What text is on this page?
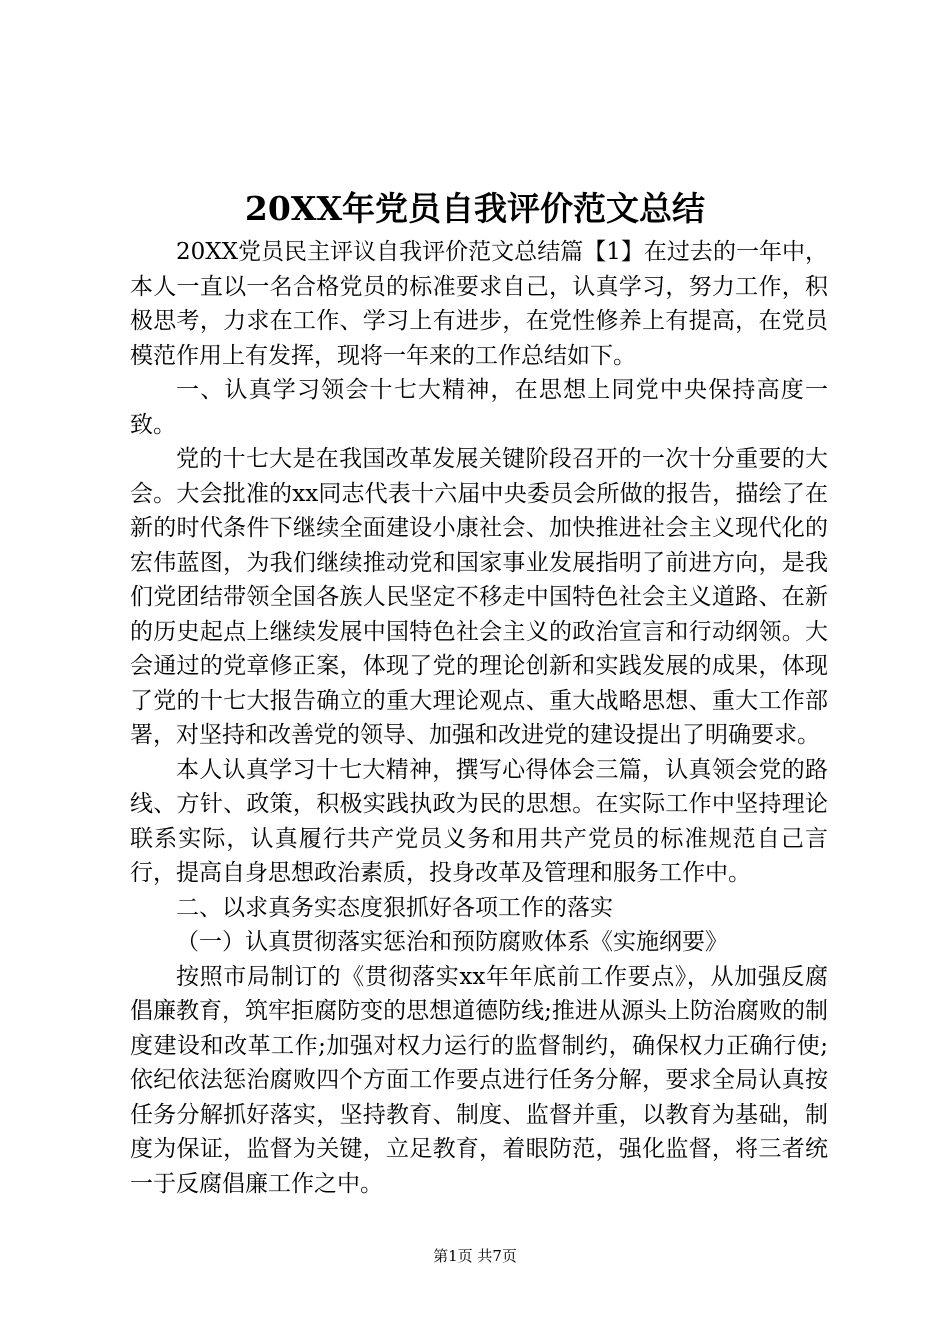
20XX年党员自我评价范文总结

20XX党员民主评议自我评价范文总结篇【1】在过去的一年中，本人一直以一名合格党员的标准要求自己，认真学习，努力工作，积极思考，力求在工作、学习上有进步，在党性修养上有提高，在党员模范作用上有发挥，现将一年来的工作总结如下。

一、认真学习领会十七大精神，在思想上同党中央保持高度一致。

党的十七大是在我国改革发展关键阶段召开的一次十分重要的大会。大会批准的xx同志代表十六届中央委员会所做的报告，描绘了在新的时代条件下继续全面建设小康社会、加快推进社会主义现代化的宏伟蓝图，为我们继续推动党和国家事业发展指明了前进方向，是我们党团结带领全国各族人民坚定不移走中国特色社会主义道路、在新的历史起点上继续发展中国特色社会主义的政治宣言和行动纲领。大会通过的党章修正案，体现了党的理论创新和实践发展的成果，体现了党的十七大报告确立的重大理论观点、重大战略思想、重大工作部署，对坚持和改善党的领导、加强和改进党的建设提出了明确要求。

本人认真学习十七大精神，撰写心得体会三篇，认真领会党的路线、方针、政策，积极实践执政为民的思想。在实际工作中坚持理论联系实际，认真履行共产党员义务和用共产党员的标准规范自己言行，提高自身思想政治素质，投身改革及管理和服务工作中。

二、以求真务实态度狠抓好各项工作的落实

（一）认真贯彻落实惩治和预防腐败体系《实施纲要》

按照市局制订的《贯彻落实xx年年底前工作要点》，从加强反腐倡廉教育，筑牢拒腐防变的思想道德防线;推进从源头上防治腐败的制度建设和改革工作;加强对权力运行的监督制约，确保权力正确行使;依纪依法惩治腐败四个方面工作要点进行任务分解，要求全局认真按任务分解抓好落实，坚持教育、制度、监督并重，以教育为基础，制度为保证，监督为关键，立足教育，着眼防范，强化监督，将三者统一于反腐倡廉工作之中。

第1页 共7页
